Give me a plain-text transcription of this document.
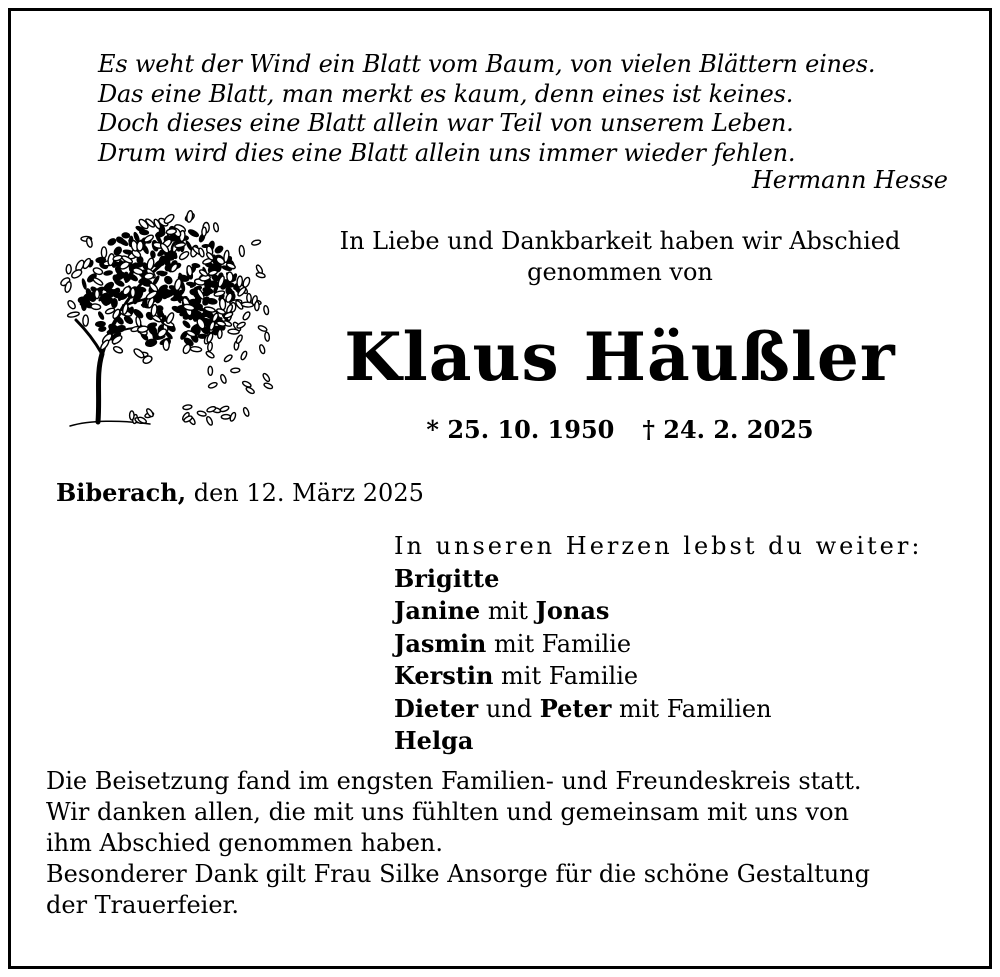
Es weht der Wind ein Blatt vom Baum, von vielen Blättern eines.
Das eine Blatt, man merkt es kaum, denn eines ist keines.
Doch dieses eine Blatt allein war Teil von unserem Leben.
Drum wird dies eine Blatt allein uns immer wieder fehlen.
Hermann Hesse
In Liebe und Dankbarkeit haben wir Abschied
genommen von
Klaus Häußler
* 25. 10. 1950 † 24. 2. 2025
Biberach, den 12. März 2025
In unseren Herzen lebst du weiter:
Brigitte
Janine mit Jonas
Jasmin mit Familie
Kerstin mit Familie
Dieter und Peter mit Familien
Helga
Die Beisetzung fand im engsten Familien- und Freundeskreis statt.
Wir danken allen, die mit uns fühlten und gemeinsam mit uns von
ihm Abschied genommen haben.
Besonderer Dank gilt Frau Silke Ansorge für die schöne Gestaltung
der Trauerfeier.
